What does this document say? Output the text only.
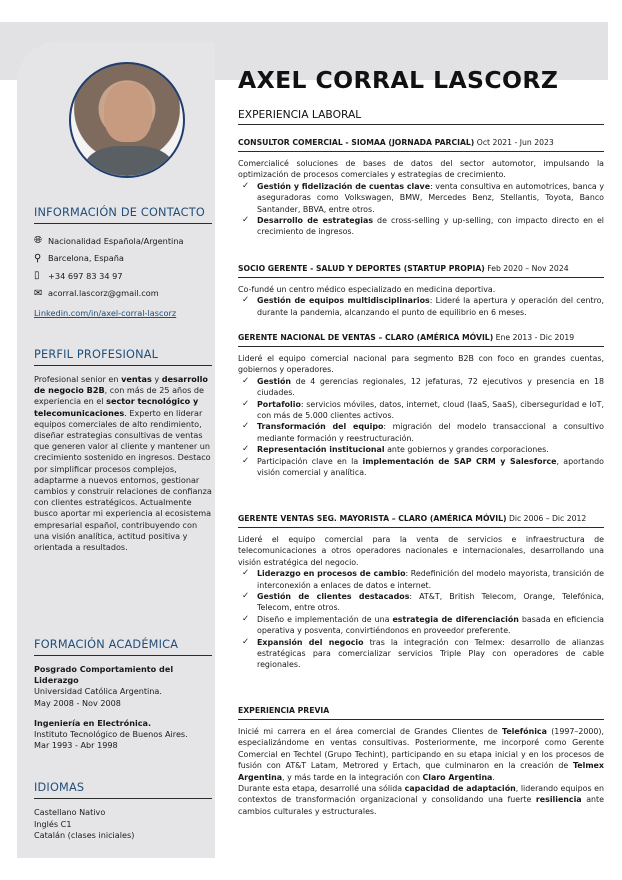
AXEL CORRAL LASCORZ
INFORMACIÓN DE CONTACTO
🌐︎ Nacionalidad Española/Argentina
⚲ Barcelona, España
▯	+34 697 83 34 97
✉ acorral.lascorz@gmail.com
Linkedin.com/in/axel-corral-lascorz
PERFIL PROFESIONAL

Profesional senior en ventas y desarrollo de negocio B2B, con más de 25 años de experiencia en el sector tecnológico y telecomunicaciones. Experto en liderar equipos comerciales de alto rendimiento, diseñar estrategias consultivas de ventas que generen valor al cliente y mantener un crecimiento sostenido en ingresos. Destaco por simplificar procesos complejos, adaptarme a nuevos entornos, gestionar cambios y construir relaciones de confianza con clientes estratégicos. Actualmente busco aportar mi experiencia al ecosistema empresarial español, contribuyendo con una visión analítica, actitud positiva y orientada a resultados.

FORMACIÓN ACADÉMICA
Posgrado Comportamiento del Liderazgo
Universidad Católica Argentina.
May 2008 - Nov 2008
Ingeniería en Electrónica.
Instituto Tecnológico de Buenos Aires.
Mar 1993 - Abr 1998
IDIOMAS
Castellano Nativo
Inglés C1
Catalán (clases iniciales)
EXPERIENCIA LABORAL
CONSULTOR COMERCIAL - SIOMAA (JORNADA PARCIAL) Oct 2021 - Jun 2023

Comercialicé soluciones de bases de datos del sector automotor, impulsando la optimización de procesos comerciales y estrategias de crecimiento.

✓ Gestión y fidelización de cuentas clave: venta consultiva en automotrices, banca y aseguradoras como Volkswagen, BMW, Mercedes Benz, Stellantis, Toyota, Banco Santander, BBVA, entre otros.
✓ Desarrollo de estrategias de cross-selling y up-selling, con impacto directo en el crecimiento de ingresos.
SOCIO GERENTE - SALUD Y DEPORTES (STARTUP PROPIA) Feb 2020 – Nov 2024

Co-fundé un centro médico especializado en medicina deportiva.

✓ Gestión de equipos multidisciplinarios: Lideré la apertura y operación del centro, durante la pandemia, alcanzando el punto de equilibrio en 6 meses.
GERENTE NACIONAL DE VENTAS – CLARO (AMÉRICA MÓVIL) Ene 2013 - Dic 2019

Lideré el equipo comercial nacional para segmento B2B con foco en grandes cuentas, gobiernos y operadores.

✓ Gestión de 4 gerencias regionales, 12 jefaturas, 72 ejecutivos y presencia en 18 ciudades.
✓ Portafolio: servicios móviles, datos, internet, cloud (IaaS, SaaS), ciberseguridad e IoT, con más de 5.000 clientes activos.
✓ Transformación del equipo: migración del modelo transaccional a consultivo mediante formación y reestructuración.
✓ Representación institucional ante gobiernos y grandes corporaciones.
✓ Participación clave en la implementación de SAP CRM y Salesforce, aportando visión comercial y analítica.
GERENTE VENTAS SEG. MAYORISTA – CLARO (AMÉRICA MÓVIL) Dic 2006 – Dic 2012

Lideré el equipo comercial para la venta de servicios e infraestructura de telecomunicaciones a otros operadores nacionales e internacionales, desarrollando una visión estratégica del negocio.

✓ Liderazgo en procesos de cambio: Redefinición del modelo mayorista, transición de interconexión a enlaces de datos e internet.
✓ Gestión de clientes destacados: AT&T, British Telecom, Orange, Telefónica, Telecom, entre otros.
✓ Diseño e implementación de una estrategia de diferenciación basada en eficiencia operativa y posventa, convirtiéndonos en proveedor preferente.
✓ Expansión del negocio tras la integración con Telmex: desarrollo de alianzas estratégicas para comercializar servicios Triple Play con operadores de cable regionales.
EXPERIENCIA PREVIA

Inicié mi carrera en el área comercial de Grandes Clientes de Telefónica (1997–2000), especializándome en ventas consultivas. Posteriormente, me incorporé como Gerente Comercial en Techtel (Grupo Techint), participando en su etapa inicial y en los procesos de fusión con AT&T Latam, Metrored y Ertach, que culminaron en la creación de Telmex Argentina, y más tarde en la integración con Claro Argentina.

Durante esta etapa, desarrollé una sólida capacidad de adaptación, liderando equipos en contextos de transformación organizacional y consolidando una fuerte resiliencia ante cambios culturales y estructurales.
